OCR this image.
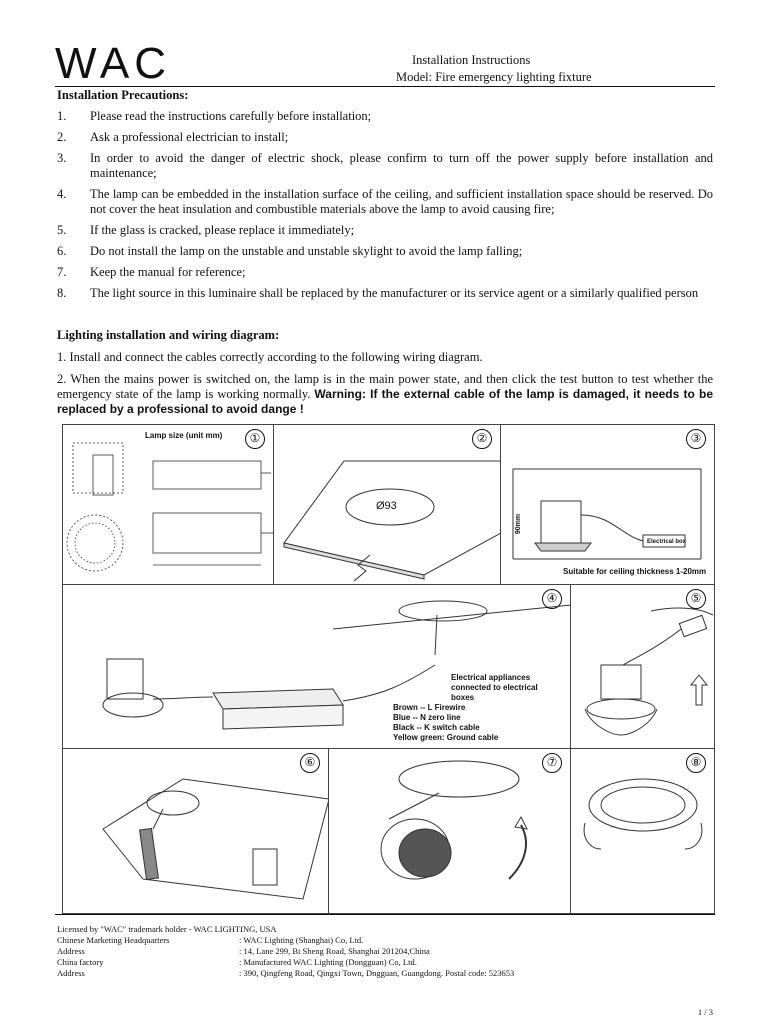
WAC	Installation Instructions
Model: Fire emergency lighting fixture
Installation Precautions:
1.	Please read the instructions carefully before installation;
2.	Ask a professional electrician to install;
3.	In order to avoid the danger of electric shock, please confirm to turn off the power supply before installation and maintenance;
4.	The lamp can be embedded in the installation surface of the ceiling, and sufficient installation space should be reserved. Do not cover the heat insulation and combustible materials above the lamp to avoid causing fire;
5.	If the glass is cracked, please replace it immediately;
6.	Do not install the lamp on the unstable and unstable skylight to avoid the lamp falling;
7.	Keep the manual for reference;
8.	The light source in this luminaire shall be replaced by the manufacturer or its service agent or a similarly qualified person
Lighting installation and wiring diagram:
1. Install and connect the cables correctly according to the following wiring diagram.
2. When the mains power is switched on, the lamp is in the main power state, and then click the test button to test whether the emergency state of the lamp is working normally. Warning: If the external cable of the lamp is damaged, it needs to be replaced by a professional to avoid dange !
Lamp size (unit mm)	①
Ø93
②
90mm
Electrical box
Suitable for ceiling thickness 1-20mm
③
Electrical appliances connected to electrical boxes
Brown -- L Firewire
Blue -- N zero line
Black -- K switch cable
Yellow green: Ground cable
④	⑤
⑥	⑦	⑧
Licensed by "WAC" trademark holder - WAC LIGHTING, USA
Chinese Marketing Headquarters	: WAC Lighting (Shanghai) Co, Ltd.
Address	: 14, Lane 299, Bi Sheng Road, Shanghai 201204,China
China factory	: Manufactured WAC Lighting (Dongguan) Co, Ltd.
Address	: 390, Qingfeng Road, Qingxi Town, Dngguan, Guangdong. Postal code: 523653
1 / 3
